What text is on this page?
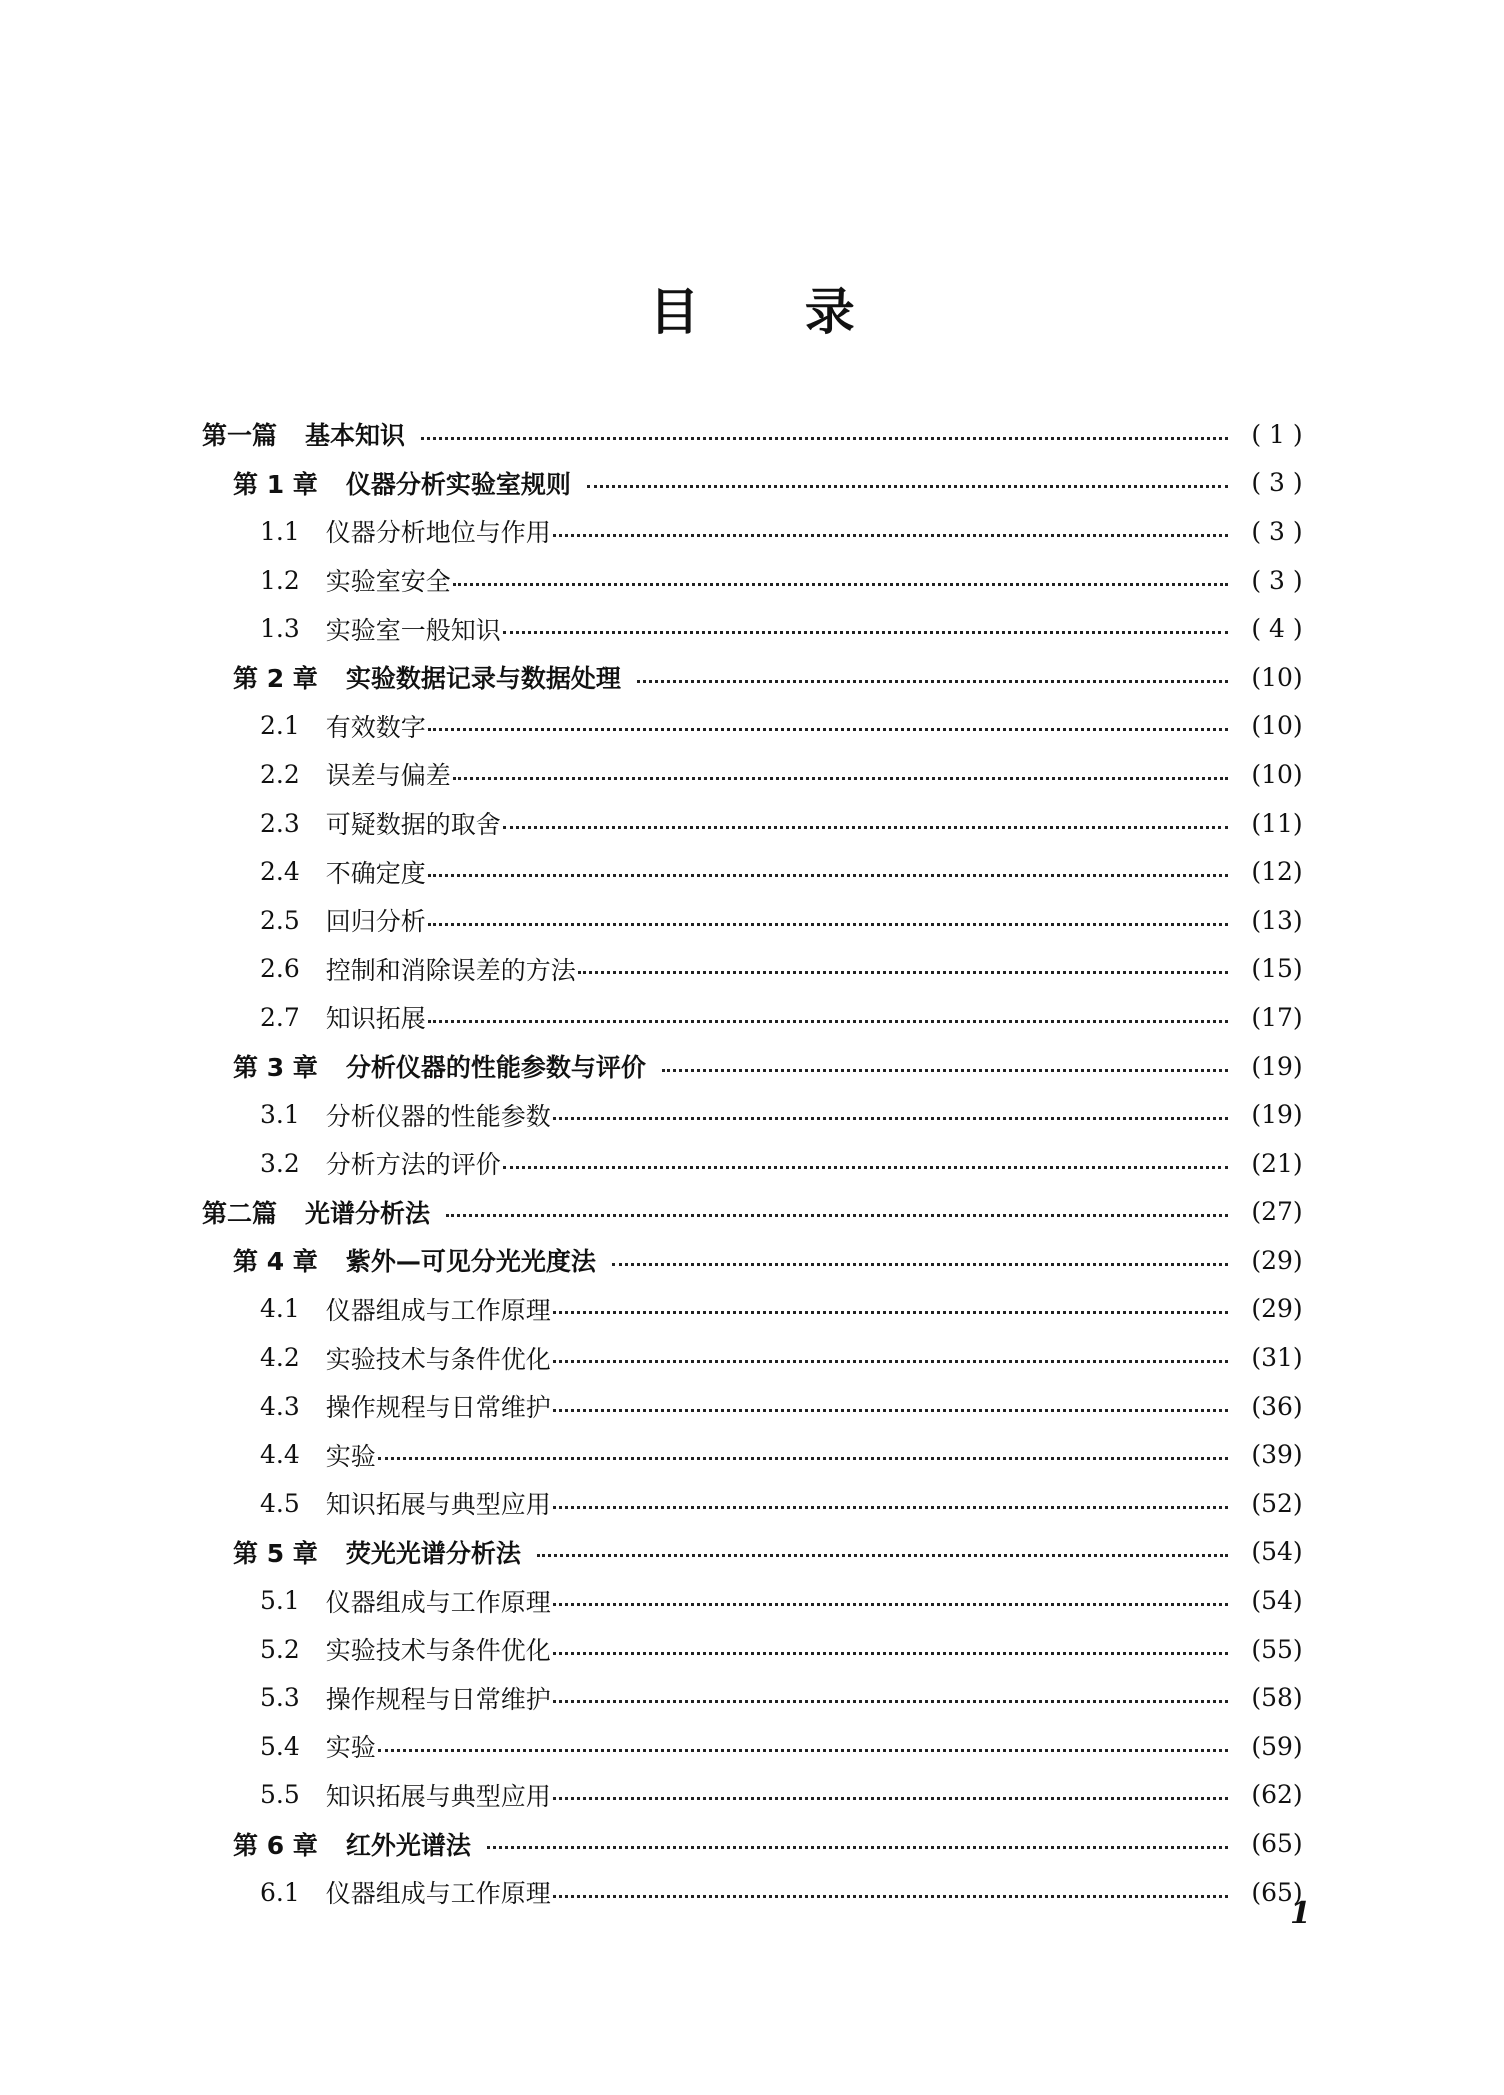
目 录
第一篇 基本知识	( 1 )
第 1 章 仪器分析实验室规则	( 3 )
1.1 仪器分析地位与作用	( 3 )
1.2 实验室安全	( 3 )
1.3 实验室一般知识	( 4 )
第 2 章 实验数据记录与数据处理	(10)
2.1 有效数字	(10)
2.2 误差与偏差	(10)
2.3 可疑数据的取舍	(11)
2.4 不确定度	(12)
2.5 回归分析	(13)
2.6 控制和消除误差的方法	(15)
2.7 知识拓展	(17)
第 3 章 分析仪器的性能参数与评价	(19)
3.1 分析仪器的性能参数	(19)
3.2 分析方法的评价	(21)
第二篇 光谱分析法	(27)
第 4 章 紫外—可见分光光度法	(29)
4.1 仪器组成与工作原理	(29)
4.2 实验技术与条件优化	(31)
4.3 操作规程与日常维护	(36)
4.4 实验	(39)
4.5 知识拓展与典型应用	(52)
第 5 章 荧光光谱分析法	(54)
5.1 仪器组成与工作原理	(54)
5.2 实验技术与条件优化	(55)
5.3 操作规程与日常维护	(58)
5.4 实验	(59)
5.5 知识拓展与典型应用	(62)
第 6 章 红外光谱法	(65)
6.1 仪器组成与工作原理	(65)
1
